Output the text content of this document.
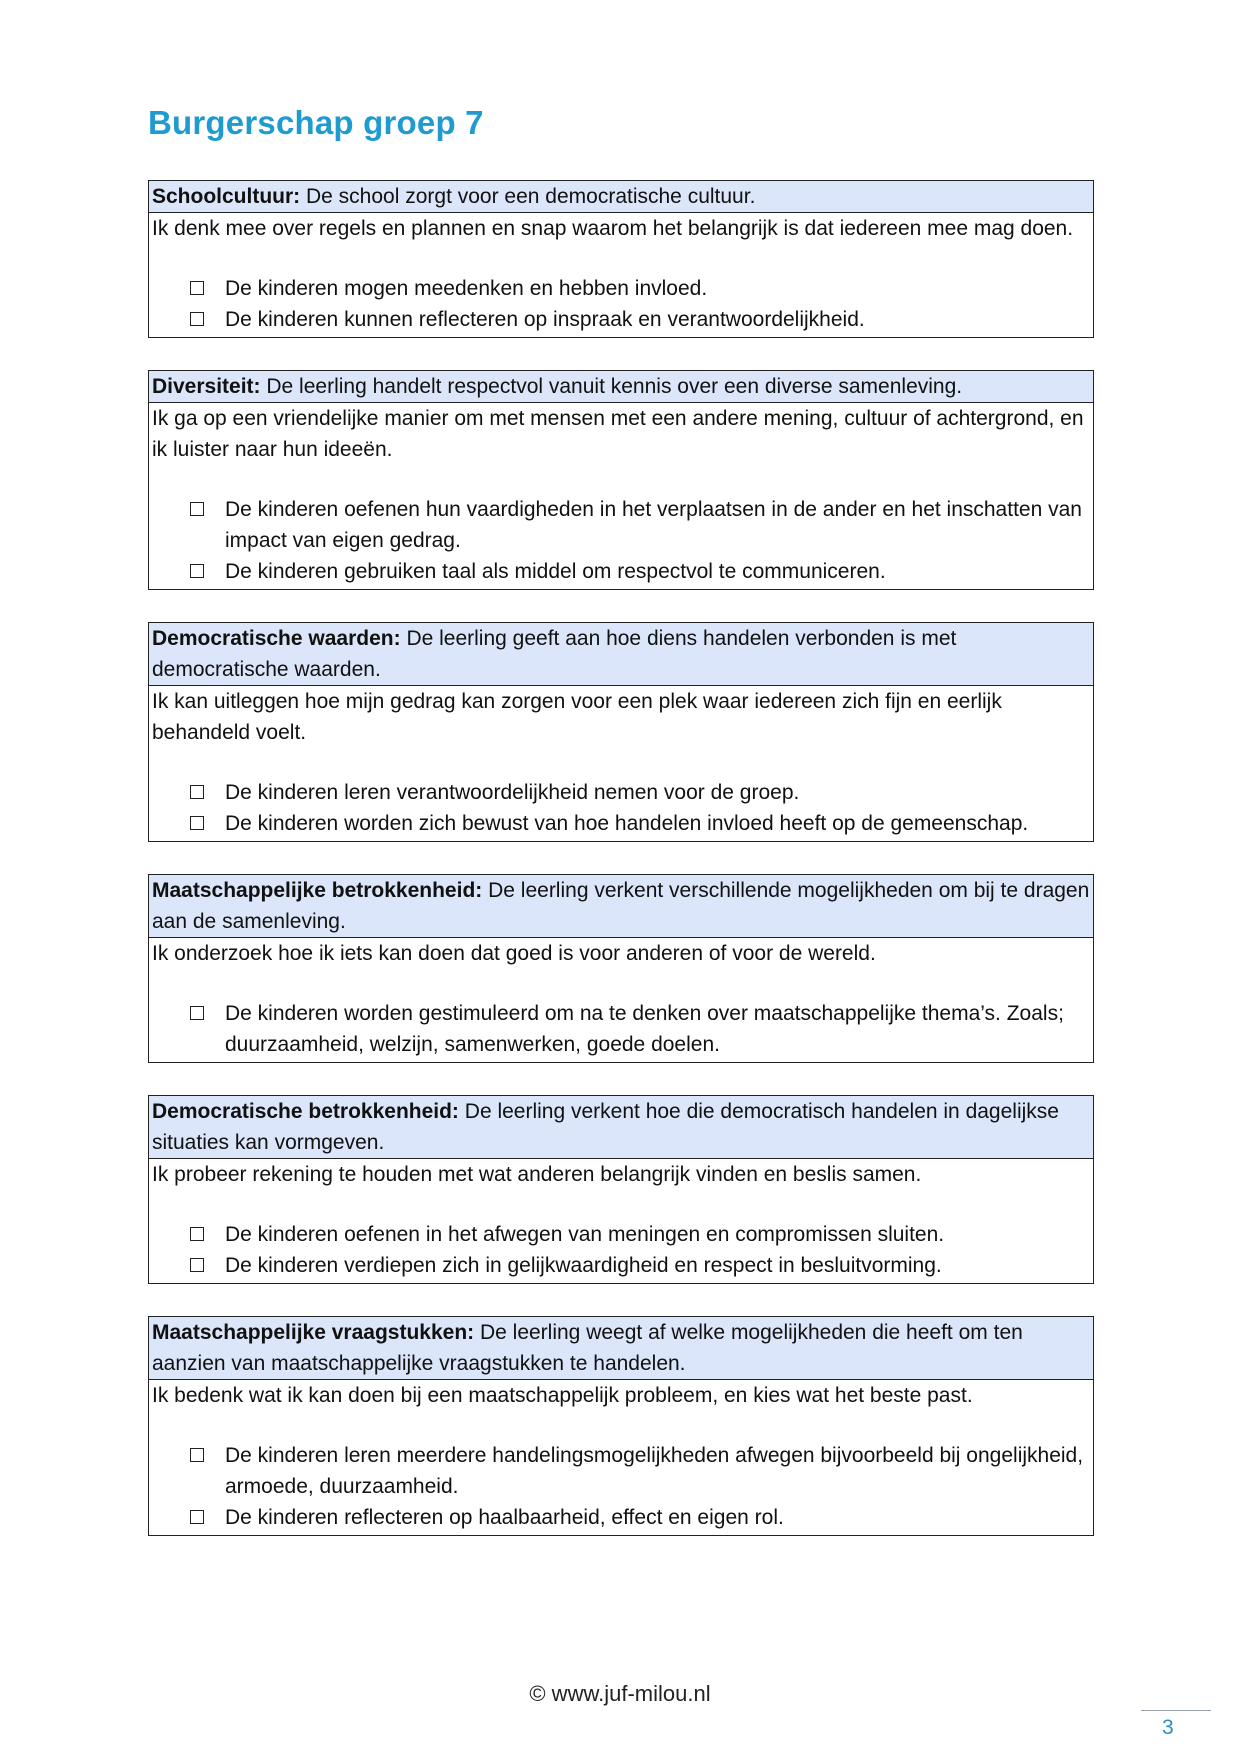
Burgerschap groep 7
Schoolcultuur: De school zorgt voor een democratische cultuur.
Ik denk mee over regels en plannen en snap waarom het belangrijk is dat iedereen mee mag doen.
De kinderen mogen meedenken en hebben invloed.
De kinderen kunnen reflecteren op inspraak en verantwoordelijkheid.
Diversiteit: De leerling handelt respectvol vanuit kennis over een diverse samenleving.
Ik ga op een vriendelijke manier om met mensen met een andere mening, cultuur of achtergrond, en ik luister naar hun ideeën.
De kinderen oefenen hun vaardigheden in het verplaatsen in de ander en het inschatten van impact van eigen gedrag.
De kinderen gebruiken taal als middel om respectvol te communiceren.
Democratische waarden: De leerling geeft aan hoe diens handelen verbonden is met democratische waarden.
Ik kan uitleggen hoe mijn gedrag kan zorgen voor een plek waar iedereen zich fijn en eerlijk behandeld voelt.
De kinderen leren verantwoordelijkheid nemen voor de groep.
De kinderen worden zich bewust van hoe handelen invloed heeft op de gemeenschap.
Maatschappelijke betrokkenheid: De leerling verkent verschillende mogelijkheden om bij te dragen aan de samenleving.
Ik onderzoek hoe ik iets kan doen dat goed is voor anderen of voor de wereld.
De kinderen worden gestimuleerd om na te denken over maatschappelijke thema’s. Zoals; duurzaamheid, welzijn, samenwerken, goede doelen.
Democratische betrokkenheid: De leerling verkent hoe die democratisch handelen in dagelijkse situaties kan vormgeven.
Ik probeer rekening te houden met wat anderen belangrijk vinden en beslis samen.
De kinderen oefenen in het afwegen van meningen en compromissen sluiten.
De kinderen verdiepen zich in gelijkwaardigheid en respect in besluitvorming.
Maatschappelijke vraagstukken: De leerling weegt af welke mogelijkheden die heeft om ten aanzien van maatschappelijke vraagstukken te handelen.
Ik bedenk wat ik kan doen bij een maatschappelijk probleem, en kies wat het beste past.
De kinderen leren meerdere handelingsmogelijkheden afwegen bijvoorbeeld bij ongelijkheid, armoede, duurzaamheid.
De kinderen reflecteren op haalbaarheid, effect en eigen rol.
© www.juf-milou.nl
3
